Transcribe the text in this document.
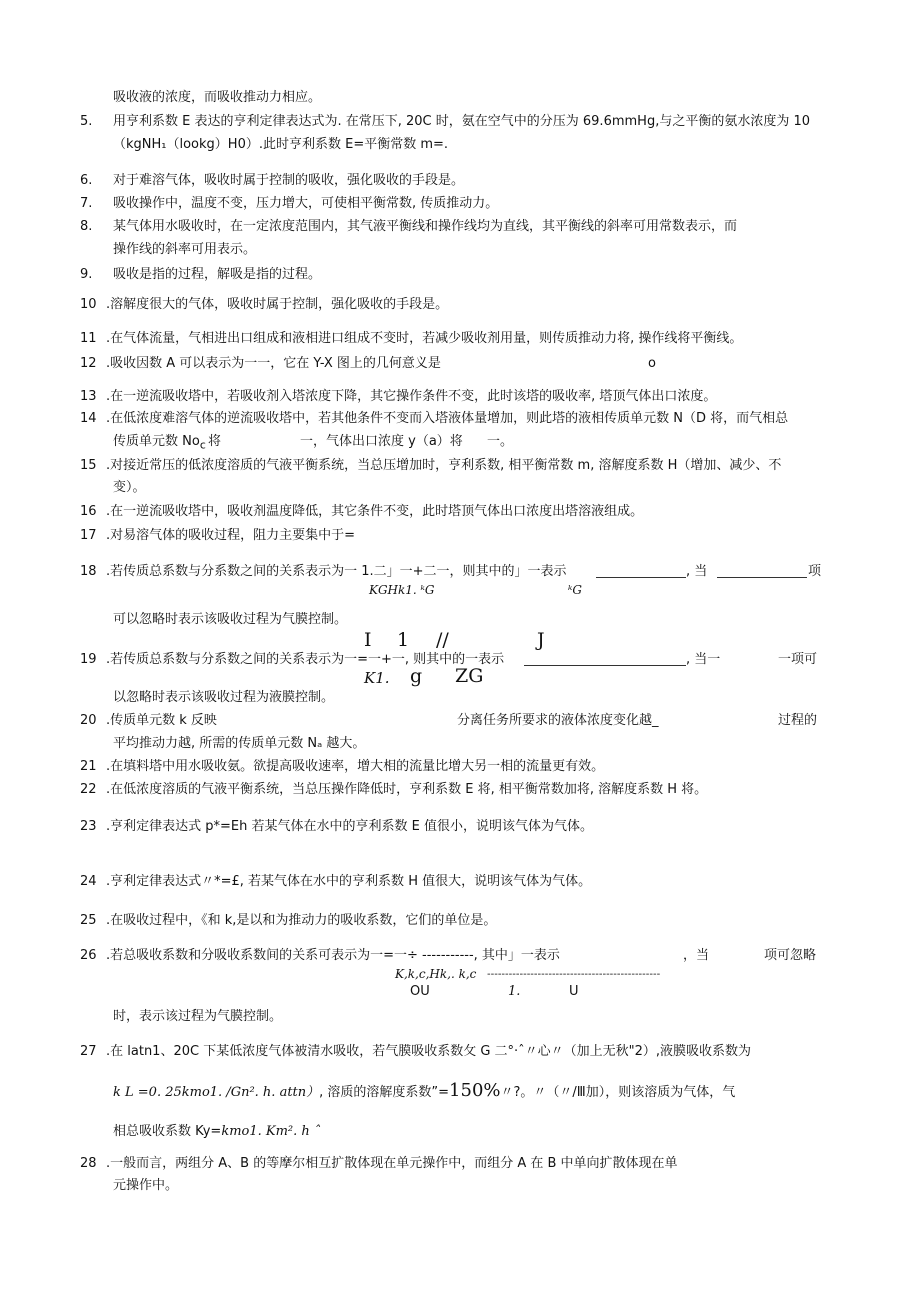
吸收液的浓度，而吸收推动力相应。
5. 用亨利系数 E 表达的亨利定律表达式为. 在常压下, 20C 时，氨在空气中的分压为 69.6mmHg,与之平衡的氨水浓度为 10
（kgNH₁（lookg）H0）.此时亨利系数 E=平衡常数 m=.
6. 对于难溶气体，吸收时属于控制的吸收，强化吸收的手段是。
7. 吸收操作中，温度不变，压力增大，可使相平衡常数, 传质推动力。
8. 某气体用水吸收时，在一定浓度范围内，其气液平衡线和操作线均为直线，其平衡线的斜率可用常数表示，而
操作线的斜率可用表示。
9. 吸收是指的过程，解吸是指的过程。
10 .溶解度很大的气体，吸收时属于控制，强化吸收的手段是。
11 .在气体流量，气相进出口组成和液相进口组成不变时，若减少吸收剂用量，则传质推动力将, 操作线将平衡线。
12 .吸收因数 A 可以表示为一一，它在 Y-X 图上的几何意义是	o
13 .在一逆流吸收塔中，若吸收剂入塔浓度下降，其它操作条件不变，此时该塔的吸收率, 塔顶气体出口浓度。
14 .在低浓度难溶气体的逆流吸收塔中，若其他条件不变而入塔液体量增加，则此塔的液相传质单元数 N（D 将，而气相总
传质单元数 $No_c$ 将	一，气体出口浓度 y（a）将 一。
15 .对接近常压的低浓度溶质的气液平衡系统，当总压增加时，亨利系数, 相平衡常数 m, 溶解度系数 H（增加、减少、不
变）。
16 .在一逆流吸收塔中，吸收剂温度降低，其它条件不变，此时塔顶气体出口浓度出塔溶液组成。
17 .对易溶气体的吸收过程，阻力主要集中于=
18 .若传质总系数与分系数之间的关系表示为一 1.二」一+二一，则其中的」一表示	, 当	项
KGHk1. ᵏG	ᵏG
可以忽略时表示该吸收过程为气膜控制。
I 1 //	J
19 .若传质总系数与分系数之间的关系表示为一=一+一, 则其中的一表示	, 当一	一项可
K1. g ZG
以忽略时表示该吸收过程为液膜控制。
20 .传质单元数 k 反映	分离任务所要求的液体浓度变化越_	过程的
平均推动力越, 所需的传质单元数 Nₐ 越大。
21 .在填料塔中用水吸收氨。欲提高吸收速率，增大相的流量比增大另一相的流量更有效。
22 .在低浓度溶质的气液平衡系统，当总压操作降低时，亨利系数 E 将, 相平衡常数加将, 溶解度系数 H 将。
23 .亨利定律表达式 p*=Eh 若某气体在水中的亨利系数 E 值很小，说明该气体为气体。
24 .亨利定律表达式〃*=£, 若某气体在水中的亨利系数 H 值很大，说明该气体为气体。
25 .在吸收过程中，《和 k,是以和为推动力的吸收系数，它们的单位是。
26 .若总吸收系数和分吸收系数间的关系可表示为一=一÷ -----------, 其中」一表示	，当	项可忽略
K,k,c,Hk,. k,c ------------------------------------------------
OU	1.	U
时，表示该过程为气膜控制。
27 .在 latn1、20C 下某低浓度气体被清水吸收，若气膜吸收系数攵 G 二°·ˆ〃心〃（加上无秋"2）,液膜吸收系数为
k L =0. 25kmo1. /Gn². h. attn）, 溶质的溶解度系数”=150%〃?。〃（〃/Ⅲ加），则该溶质为气体，气
相总吸收系数 Ky=kmo1. Km². h ˆ
28 .一般而言，两组分 A、B 的等摩尔相互扩散体现在单元操作中，而组分 A 在 B 中单向扩散体现在单
元操作中。
